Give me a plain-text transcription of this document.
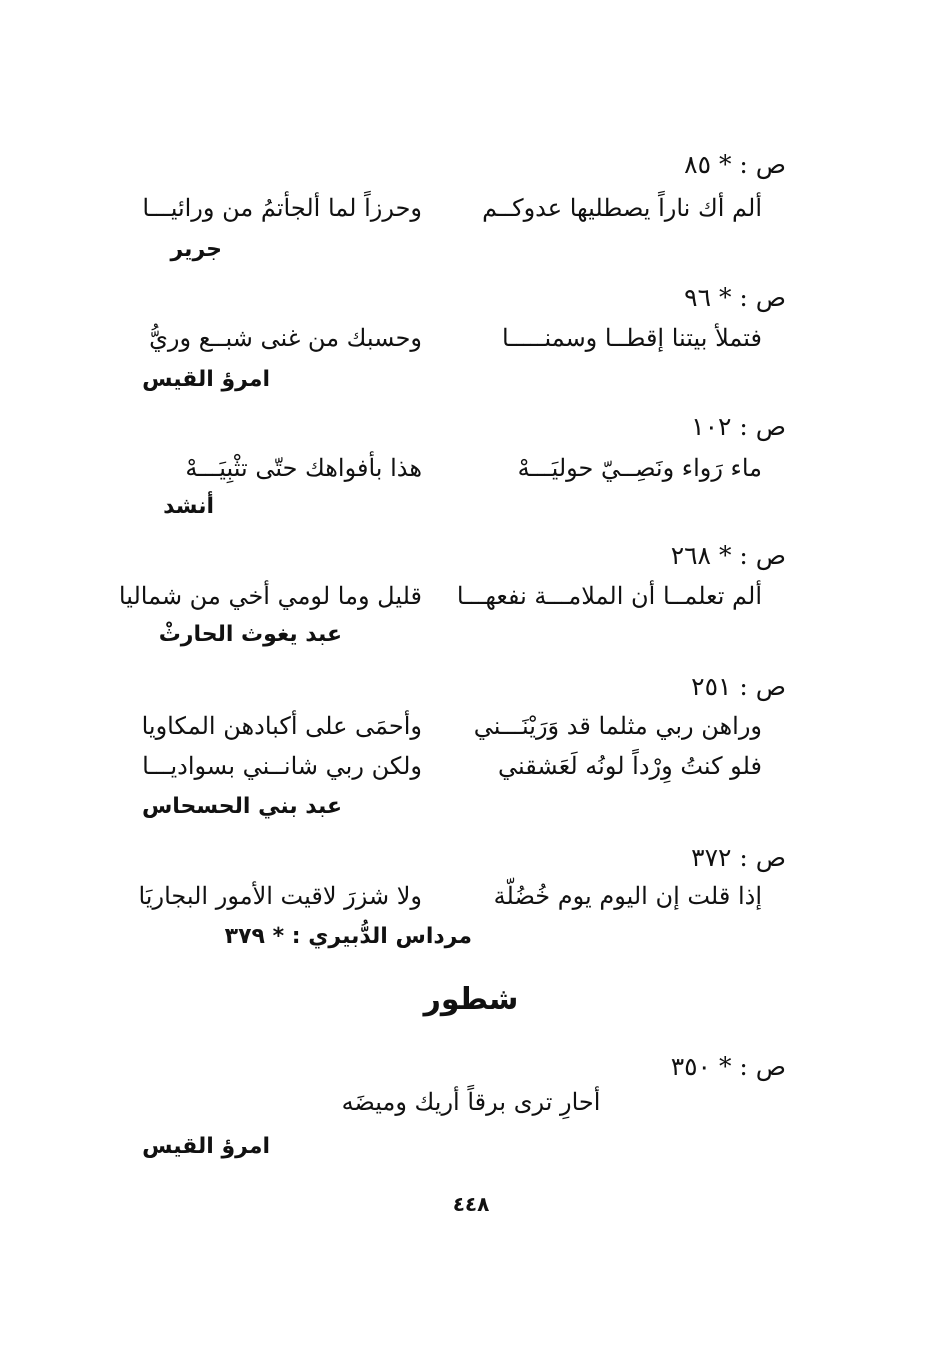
ص : * ٨٥
ألم أك ناراً يصطليها عدوكــم
وحرزاً لما ألجأتمُ من ورائيـــا
جرير
ص : * ٩٦
فتملأ بيتنا إقطــا وسمنـــــا
وحسبك من غنى شبــع وريُّ
امرؤ القيس
ص : ١٠٢
ماء رَواء ونَصِــيّ حوليَـــهْ
هذا بأفواهك حتّى تثْبِيَـــهْ
أنشد
ص : * ٢٦٨
ألم تعلمــا أن الملامـــة نفعهـــا
قليل وما لومي أخي من شماليا
عبد يغوث الحارثْ
ص : ٢٥١
وراهن ربي مثلما قد وَرَيْنَـــني
وأحمَى على أكبادهن المكاويا
فلو كنتُ وِرْداً لونُه لَعَشقني
ولكن ربي شانــني بسواديـــا
عبد بني الحسحاس
ص : ٣٧٢
إذا قلت إن اليوم يوم خُضُلّة
ولا شزرَ لاقيت الأمور البجاريَا
مرداس الدُّبيري : * ٣٧٩
شطور
ص : * ٣٥٠
أحارِ ترى برقاً أريك وميضَه
امرؤ القيس
٤٤٨
